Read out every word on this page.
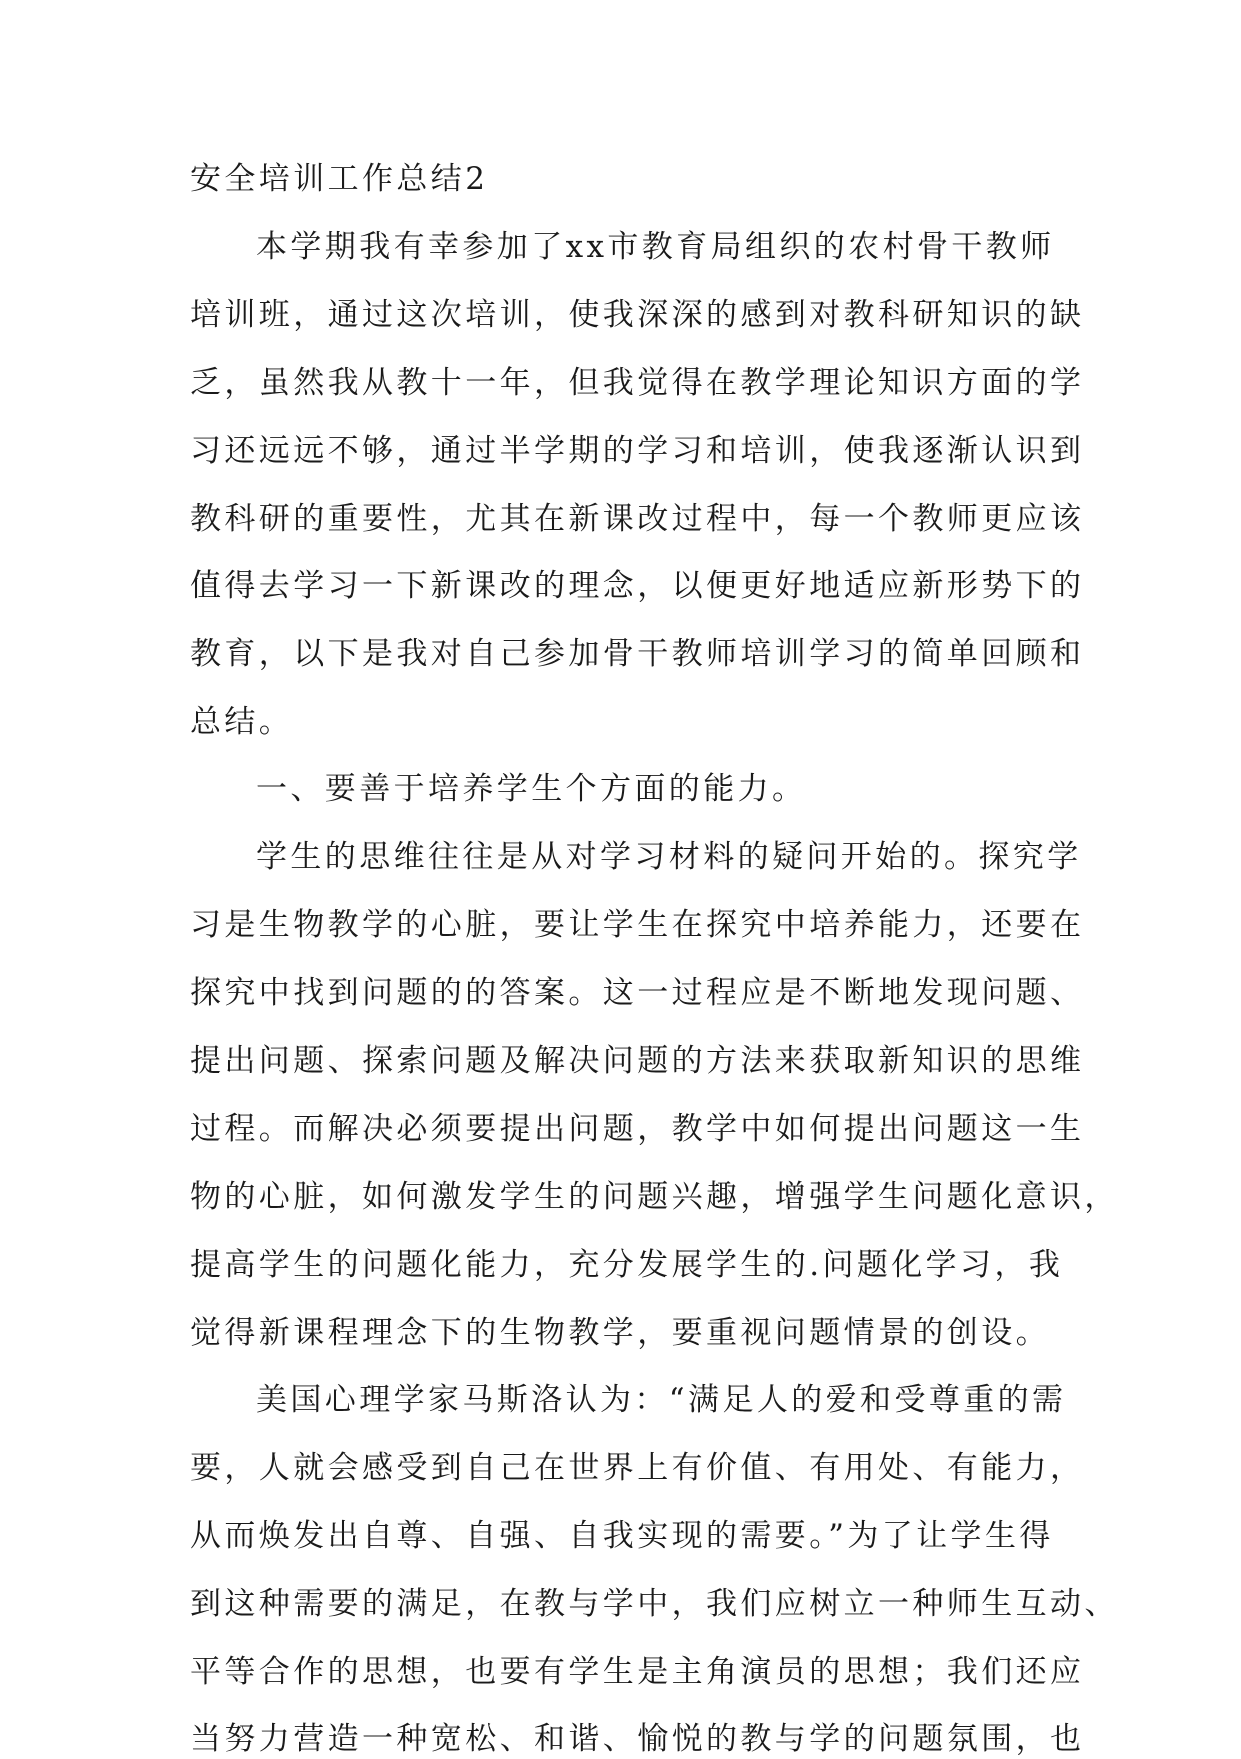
安全培训工作总结2

本学期我有幸参加了xx市教育局组织的农村骨干教师

培训班，通过这次培训，使我深深的感到对教科研知识的缺

乏，虽然我从教十一年，但我觉得在教学理论知识方面的学

习还远远不够，通过半学期的学习和培训，使我逐渐认识到

教科研的重要性，尤其在新课改过程中，每一个教师更应该

值得去学习一下新课改的理念，以便更好地适应新形势下的

教育，以下是我对自己参加骨干教师培训学习的简单回顾和

总结。

一、要善于培养学生个方面的能力。

学生的思维往往是从对学习材料的疑问开始的。探究学

习是生物教学的心脏，要让学生在探究中培养能力，还要在

探究中找到问题的的答案。这一过程应是不断地发现问题、

提出问题、探索问题及解决问题的方法来获取新知识的思维

过程。而解决必须要提出问题，教学中如何提出问题这一生

物的心脏，如何激发学生的问题兴趣，增强学生问题化意识，

提高学生的问题化能力，充分发展学生的.问题化学习，我

觉得新课程理念下的生物教学，要重视问题情景的创设。

美国心理学家马斯洛认为：“满足人的爱和受尊重的需

要，人就会感受到自己在世界上有价值、有用处、有能力，

从而焕发出自尊、自强、自我实现的需要。”为了让学生得

到这种需要的满足，在教与学中，我们应树立一种师生互动、

平等合作的思想，也要有学生是主角演员的思想；我们还应

当努力营造一种宽松、和谐、愉悦的教与学的问题氛围，也
